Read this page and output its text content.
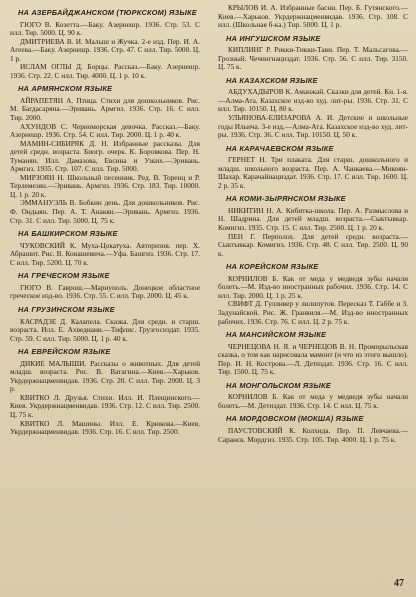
НА АЗЕРБАЙДЖАНСКОМ (ТЮРКСКОМ) ЯЗЫКЕ

ГЮГО В. Козетта.—Баку. Азернешр. 1936. Стр. 53. С илл. Тир. 5000. Ц. 90 к.

ДМИТРИЕВА В. И. Малыш и Жучка. 2-е изд. Пер. И. А. Агеева.—Баку. Азернешр. 1936. Стр. 47. С илл. Тир. 5000. Ц. 1 р.

ИСЛАМ ОГЛЫ Д. Борцы. Рассказ.—Баку. Азернешр. 1936. Стр. 22. С илл. Тир. 4000. Ц. 1 р. 10 к.

НА АРМЯНСКОМ ЯЗЫКЕ

АЙРАПЕТЯН А. Птица. Стихи для дошкольников. Рис. М. Багдасаряна.—Эривань. Армгиз. 1936. Стр. 16. С илл. Тир. 2000.

АХУНДОВ С. Черноморская девочка. Рассказ.—Баку. Азернешр. 1936. Стр. 54. С илл. Тир. 2000. Ц. 1 р. 40 к.

МАМИН-СИБИРЯК Д. Н. Избранные рассказы. Для детей средн. возраста. Биогр. очерк. К. Боровкова. Пер. Н. Туманян. Илл. Дамазова, Евсина и Узких.—Эривань. Армгиз. 1935. Стр. 107. С илл. Тир. 5000.

МИРЗОЯН Н. Школьный песенник. Ред. В. Торенц и Р. Терлемезян.—Эривань. Армгиз. 1936. Стр. 183. Тир. 10000. Ц. 1 р. 20 к.

ЭММАНУЭЛЬ В. Бобкин день. Для дошкольников. Рис. Ф. Ондыян. Пер. А. Т. Анакян.—Эривань. Армгиз. 1936. Стр. 31. С илл. Тир. 5000. Ц. 75 к.

НА БАШКИРСКОМ ЯЗЫКЕ

ЧУКОВСКИЙ К. Муха-Цокатуха. Авторизов. пер. Х. Абрашит. Рис. В. Конашевича.—Уфа. Башгиз. 1936. Стр. 17. С илл. Тир. 5200. Ц. 70 к.

НА ГРЕЧЕСКОМ ЯЗЫКЕ

ГЮГО В. Гаврош.—Мариуполь. Донецкое областное греческое изд-во. 1936. Стр. 55. С илл. Тир. 2000. Ц. 45 к.

НА ГРУЗИНСКОМ ЯЗЫКЕ

КАСРАДЗЕ Д. Калапела. Сказка. Для средн. и старш. возраста. Илл. Е. Ахведиани.—Тифлис. Грузгосиздат. 1935. Стр. 59. С илл. Тир. 5000. Ц. 1 р. 40 к.

НА ЕВРЕЙСКОМ ЯЗЫКЕ

ДИКИЕ МАЛЫШИ. Рассказы о животных. Для детей младш. возраста. Рис. В. Ватагина.—Киев.—Харьков. Укрдержнацменвидав. 1936. Стр. 20. С илл. Тир. 2000. Ц. 3 р.

КВИТКО Л. Друзья. Стихи. Илл. И. Плещинского.—Киев. Укрдержнацменвидав. 1936. Стр. 12. С илл. Тир. 2500. Ц. 75 к.

КВИТКО Л. Машины. Илл. Е. Крюкова.—Киев. Укрдержнацменвидав. 1936. Стр. 16. С илл. Тир. 2500.

КРЫЛОВ И. А. Избранные басни. Пер. Б. Гутянского.—Киев.—Харьков. Укрдержнацменвидав. 1936. Стр. 108. С илл. (Школьная б-ка.) Тир. 5000. Ц. 1 р.

НА ИНГУШСКОМ ЯЗЫКЕ

КИПЛИНГ Р. Рикки-Тикки-Тави. Пер. Т. Мальсагова.—Грозный. Чечингнациздат. 1936. Стр. 56. С илл. Тир. 3150. Ц. 75 к.

НА КАЗАХСКОМ ЯЗЫКЕ

АБДУХАДЫРОВ К. Аманжай. Сказки для детей. Кн. 1-я.—Алма-Ата. Казахское изд-во худ. лит-ры. 1936. Стр. 31. С илл. Тир. 10150. Ц. 80 к.

УЛЬЯНОВА-ЕЛИЗАРОВА А. И. Детские и школьные годы Ильича. 3-е изд.—Алма-Ата. Казахское изд-во худ. лит-ры. 1936. Стр. 36. С илл. Тир. 10150. Ц. 50 к.

НА КАРАЧАЕВСКОМ ЯЗЫКЕ

ГЕРНЕТ Н. Три плаката. Для старш. дошкольного и младш. школьного возраста. Пер. А. Чанкаева.—Микоян-Шахар. Карачайнациздат. 1936. Стр. 17. С илл. Тир. 1600. Ц. 2 р. 35 к.

НА КОМИ-ЗЫРЯНСКОМ ЯЗЫКЕ

НИКИТИН Н. А. Кибитка-школа. Пер. А. Размыслова и Н. Шадрина. Для детей младш. возраста.—Сыктывкар. Комигиз. 1935. Стр. 15. С илл. Тир. 2500. Ц. 1 р. 20 к.

ПЕН Г. Перполох. Для детей средн. возраста.—Сыктывкар. Комигиз. 1936. Стр. 48. С илл. Тир. 2500. Ц. 90 к.

НА КОРЕЙСКОМ ЯЗЫКЕ

КОРНИЛОВ Б. Как от меда у медведя зубы начали болеть.—М. Изд-во иностранных рабочих. 1936. Стр. 14. С илл. Тир. 2000. Ц. 1 р. 25 к.

СВИФТ Д. Гулливер у лилипутов. Пересказ Т. Габбе и З. Задунайской. Рис. Ж. Гранвиля.—М. Изд-во иностранных рабочих. 1936. Стр. 76. С илл. Ц. 2 р. 75 к.

НА МАНСИЙСКОМ ЯЗЫКЕ

ЧЕРНЕЦОВА Н. Я. и ЧЕРНЕЦОВ В. Н. Проморыльская сказка, о том как нарисовала мамонт (и что из этого вышло). Пер. И. Н. Кострова.—Л. Детиздат. 1936. Стр. 16. С илл. Тир. 1500. Ц. 75 к.

НА МОНГОЛЬСКОМ ЯЗЫКЕ

КОРНИЛОВ Б. Как от меда у медведя зубы начали болеть.—М. Детиздат. 1936. Стр. 14. С илл. Ц. 75 к.

НА МОРДОВСКОМ (МОКША) ЯЗЫКЕ

ПАУСТОВСКИЙ К. Колхида. Пер. П. Левчаева.—Саранск. Мордгиз. 1935. Стр. 105. Тир. 4000. Ц. 1 р. 75 к.

47
